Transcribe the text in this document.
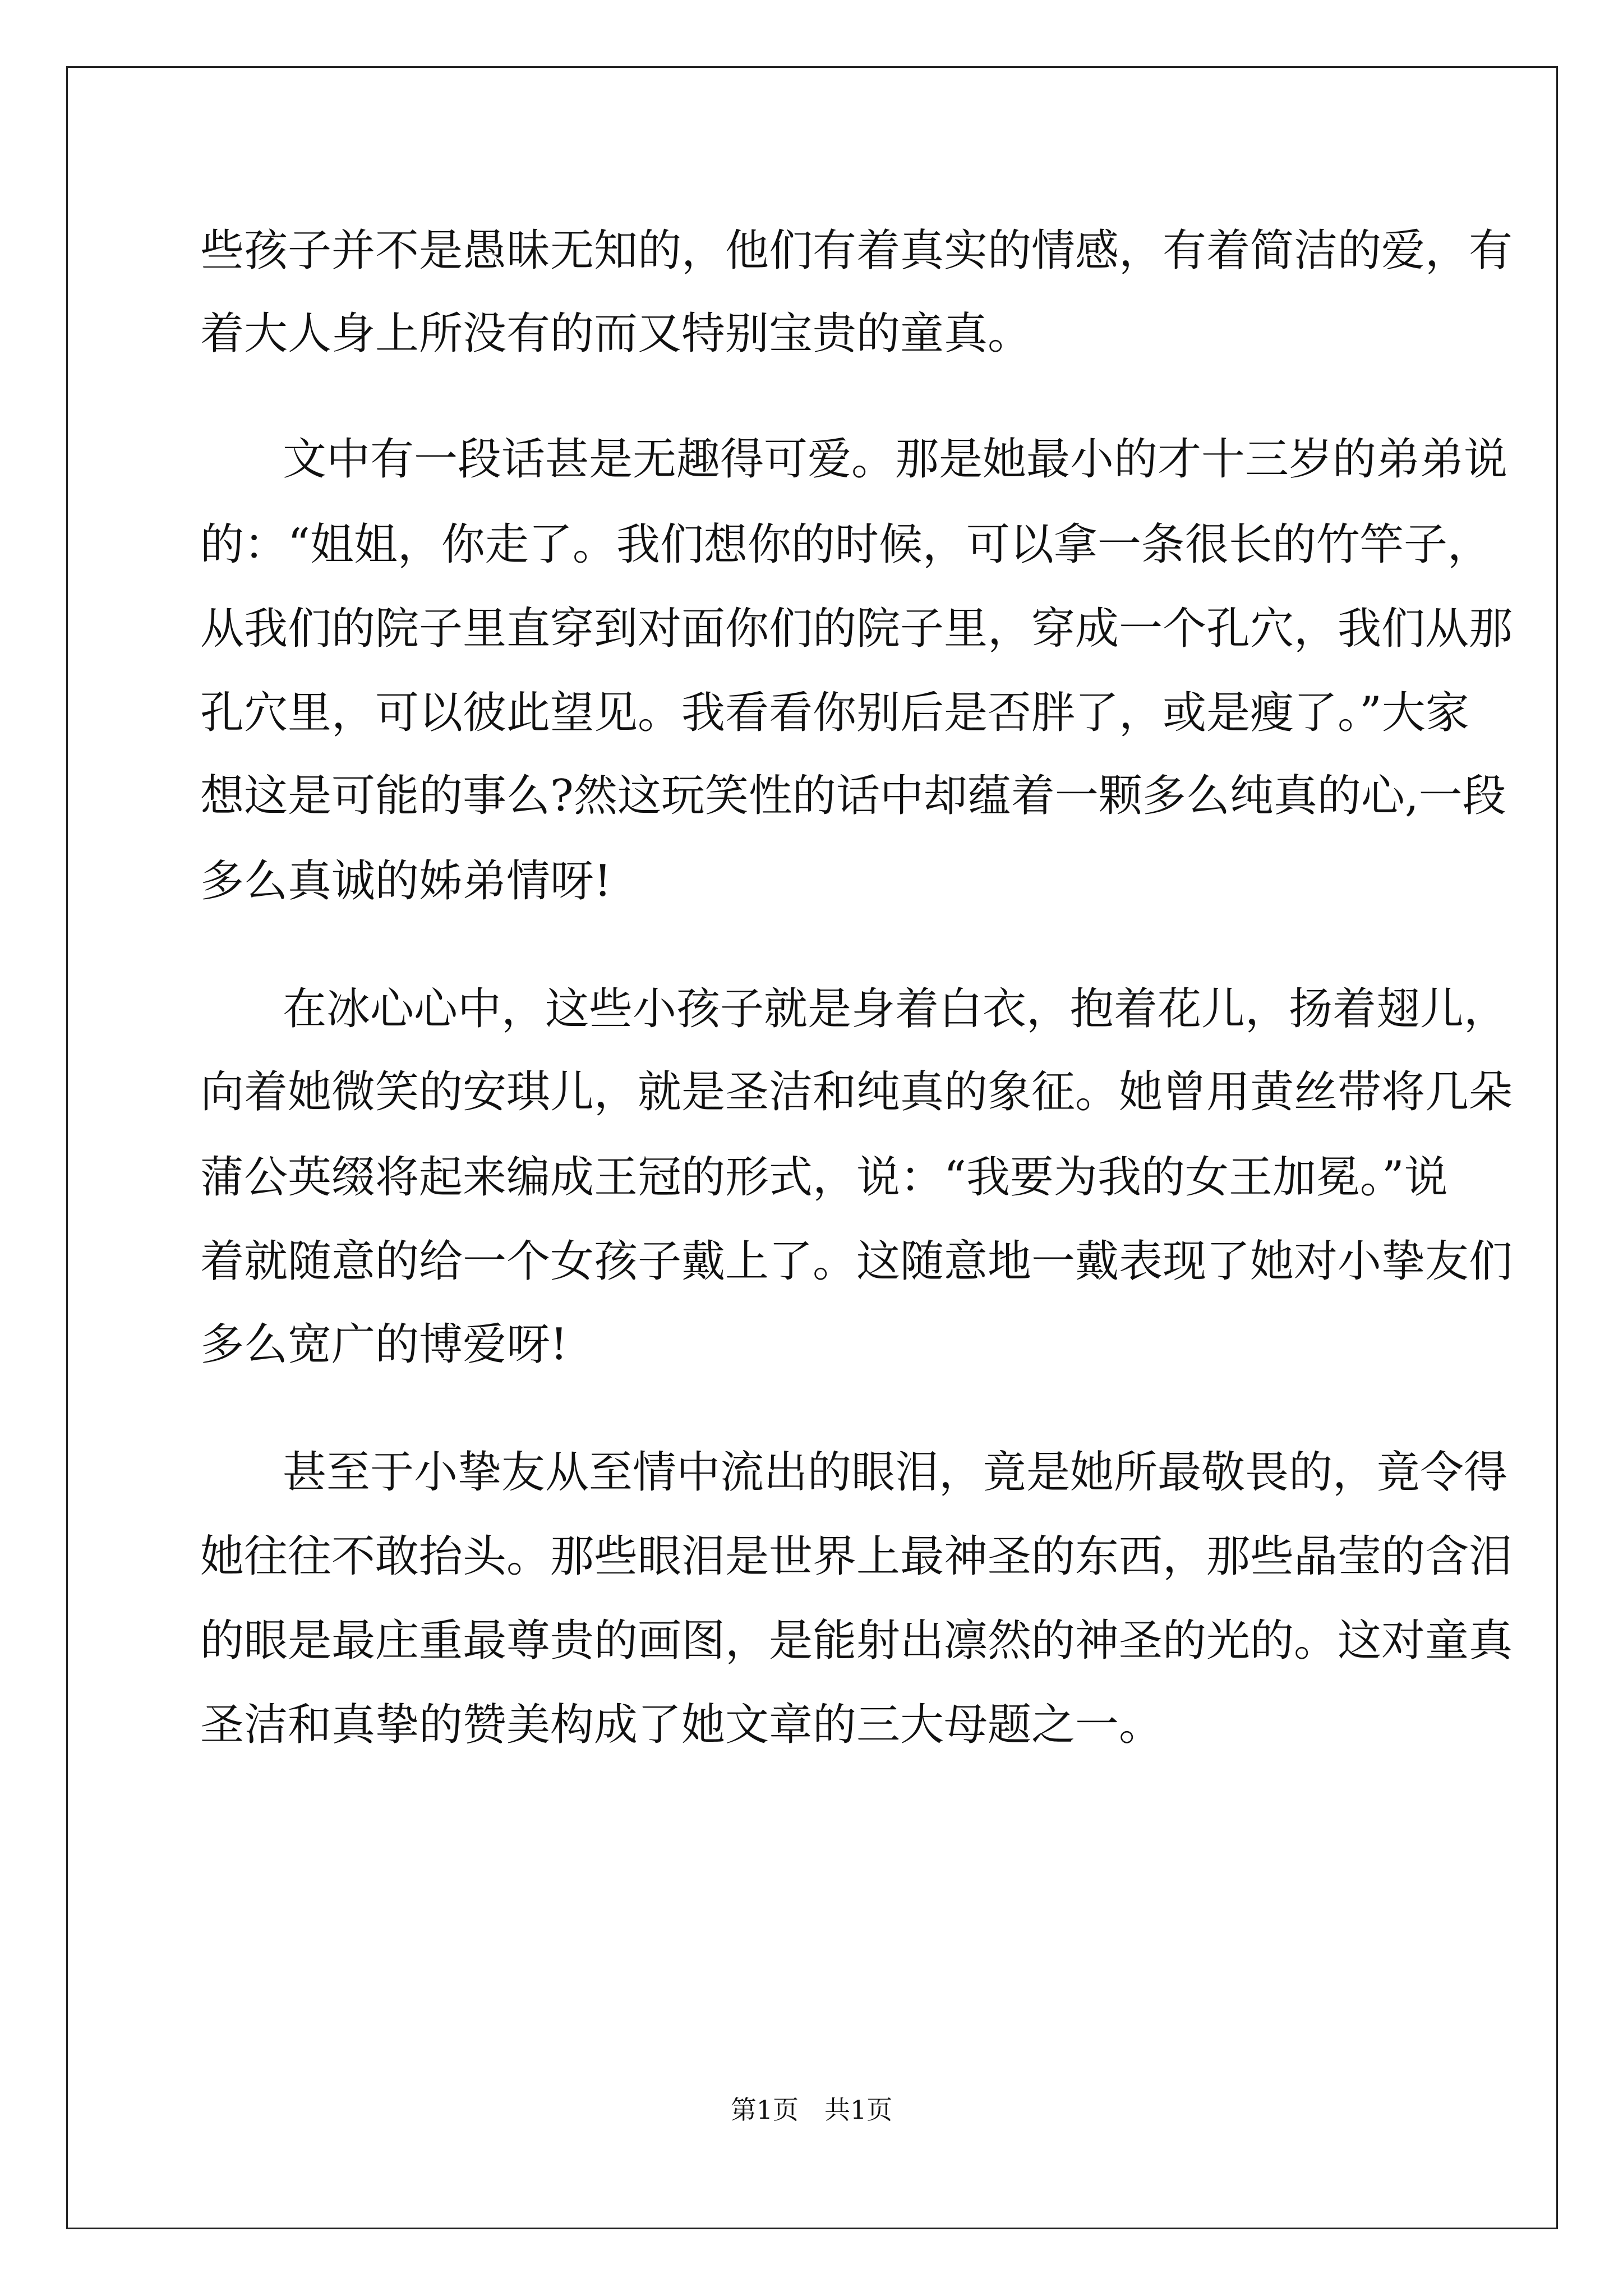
些孩子并不是愚昧无知的，他们有着真实的情感，有着简洁的爱，有
着大人身上所没有的而又特别宝贵的童真。
文中有一段话甚是无趣得可爱。那是她最小的才十三岁的弟弟说
的：“姐姐，你走了。我们想你的时候，可以拿一条很长的竹竿子，
从我们的院子里直穿到对面你们的院子里，穿成一个孔穴，我们从那
孔穴里，可以彼此望见。我看看你别后是否胖了，或是瘦了。”大家
想这是可能的事么?然这玩笑性的话中却蕴着一颗多么纯真的心,一段
多么真诚的姊弟情呀!
在冰心心中，这些小孩子就是身着白衣，抱着花儿，扬着翅儿，
向着她微笑的安琪儿，就是圣洁和纯真的象征。她曾用黄丝带将几朵
蒲公英缀将起来编成王冠的形式，说：“我要为我的女王加冕。”说
着就随意的给一个女孩子戴上了。这随意地一戴表现了她对小挚友们
多么宽广的博爱呀!
甚至于小挚友从至情中流出的眼泪，竟是她所最敬畏的，竟令得
她往往不敢抬头。那些眼泪是世界上最神圣的东西，那些晶莹的含泪
的眼是最庄重最尊贵的画图，是能射出凛然的神圣的光的。这对童真
圣洁和真挚的赞美构成了她文章的三大母题之一。
第1页　共1页
